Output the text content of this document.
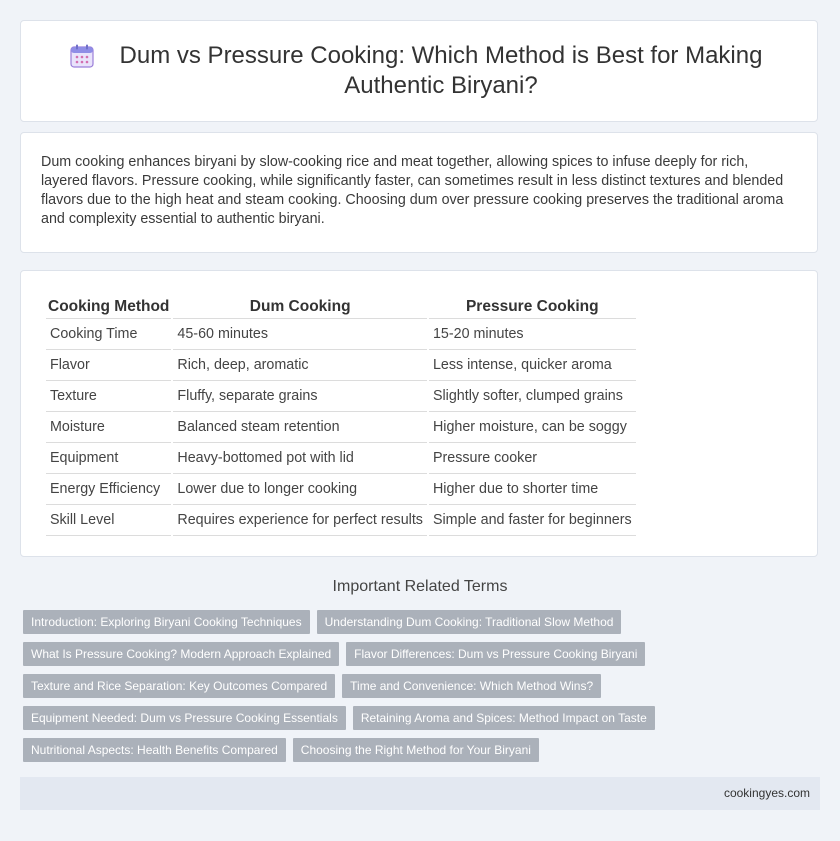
Dum vs Pressure Cooking: Which Method is Best for Making Authentic Biryani?

Dum cooking enhances biryani by slow-cooking rice and meat together, allowing spices to infuse deeply for rich, layered flavors. Pressure cooking, while significantly faster, can sometimes result in less distinct textures and blended flavors due to the high heat and steam cooking. Choosing dum over pressure cooking preserves the traditional aroma and complexity essential to authentic biryani.

Cooking Method	Dum Cooking	Pressure Cooking
Cooking Time	45-60 minutes	15-20 minutes
Flavor	Rich, deep, aromatic	Less intense, quicker aroma
Texture	Fluffy, separate grains	Slightly softer, clumped grains
Moisture	Balanced steam retention	Higher moisture, can be soggy
Equipment	Heavy-bottomed pot with lid	Pressure cooker
Energy Efficiency	Lower due to longer cooking	Higher due to shorter time
Skill Level	Requires experience for perfect results	Simple and faster for beginners
Important Related Terms
Introduction: Exploring Biryani Cooking Techniques	Understanding Dum Cooking: Traditional Slow Method
What Is Pressure Cooking? Modern Approach Explained	Flavor Differences: Dum vs Pressure Cooking Biryani
Texture and Rice Separation: Key Outcomes Compared	Time and Convenience: Which Method Wins?
Equipment Needed: Dum vs Pressure Cooking Essentials	Retaining Aroma and Spices: Method Impact on Taste
Nutritional Aspects: Health Benefits Compared	Choosing the Right Method for Your Biryani
cookingyes.com
